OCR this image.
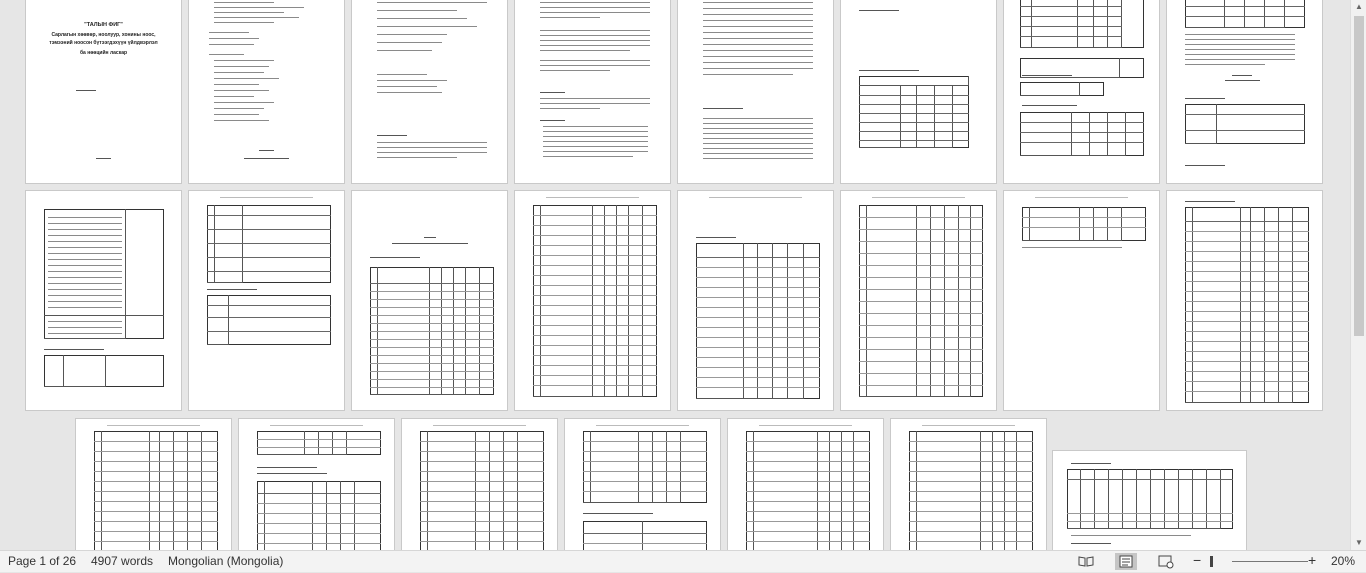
"ТАЛЫН ФИГ"
Сарлагын хөөвөр, ноолуур, хонины ноос,
тэмээний ноосон бүтээгдэхүүн үйлдвэрлэл
ба нөөцийн ласкар
▲
▼
Page 1 of 26 4907 words Mongolian (Mongolia)	−	+ 20%
